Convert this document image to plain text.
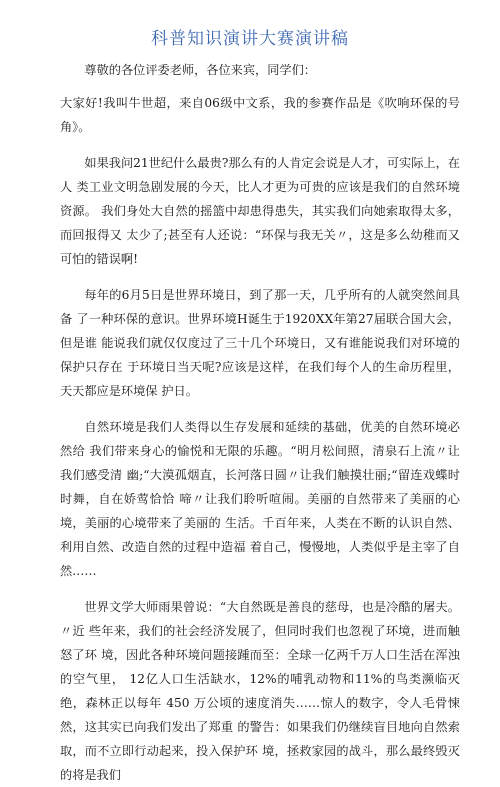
科普知识演讲大赛演讲稿

尊敬的各位评委老师，各位来宾，同学们：

大家好!我叫牛世超，来自06级中文系，我的参赛作品是《吹响环保的号 角》。

如果我问21世纪什么最贵?那么有的人肯定会说是人才，可实际上，在人 类工业文明急剧发展的今天，比人才更为可贵的应该是我们的自然环境资源。 我们身处大自然的摇篮中却患得患失，其实我们向她索取得太多，而回报得又 太少了;甚至有人还说：“环保与我无关〃，这是多么幼稚而又可怕的错误啊!

每年的6月5日是世界环境日，到了那一天，几乎所有的人就突然间具备 了一种环保的意识。世界环境H诞生于1920XX年第27届联合国大会，但是谁 能说我们就仅仅度过了三十几个环境日，又有谁能说我们对环境的保护只存在 于环境日当天呢?应该是这样，在我们每个人的生命历程里，天天都应是环境保 护日。

自然环境是我们人类得以生存发展和延续的基础，优美的自然环境必然给 我们带来身心的愉悦和无限的乐趣。“明月松间照，清泉石上流〃让我们感受清 幽;“大漠孤烟直，长河落日圆〃让我们触摸壮丽;“留连戏蝶时时舞，自在娇莺恰恰 啼〃让我们聆听喧闹。美丽的自然带来了美丽的心境，美丽的心境带来了美丽的 生活。千百年来，人类在不断的认识自然、利用自然、改造自然的过程中造福 着自己，慢慢地，人类似乎是主宰了自然……

世界文学大师雨果曾说：“大自然既是善良的慈母，也是冷酷的屠夫。〃近 些年来，我们的社会经济发展了，但同时我们也忽视了环境，进而触怒了环 境，因此各种环境问题接踵而至：全球一亿两千万人口生活在浑浊的空气里， 12亿人口生活缺水，12%的哺乳动物和11%的鸟类濒临灭绝，森林正以每年 450 万公顷的速度消失……惊人的数字，令人毛骨悚然，这其实已向我们发出了郑重 的警告：如果我们仍继续盲目地向自然索取，而不立即行动起来，投入保护环 境，拯救家园的战斗，那么最终毁灭的将是我们
